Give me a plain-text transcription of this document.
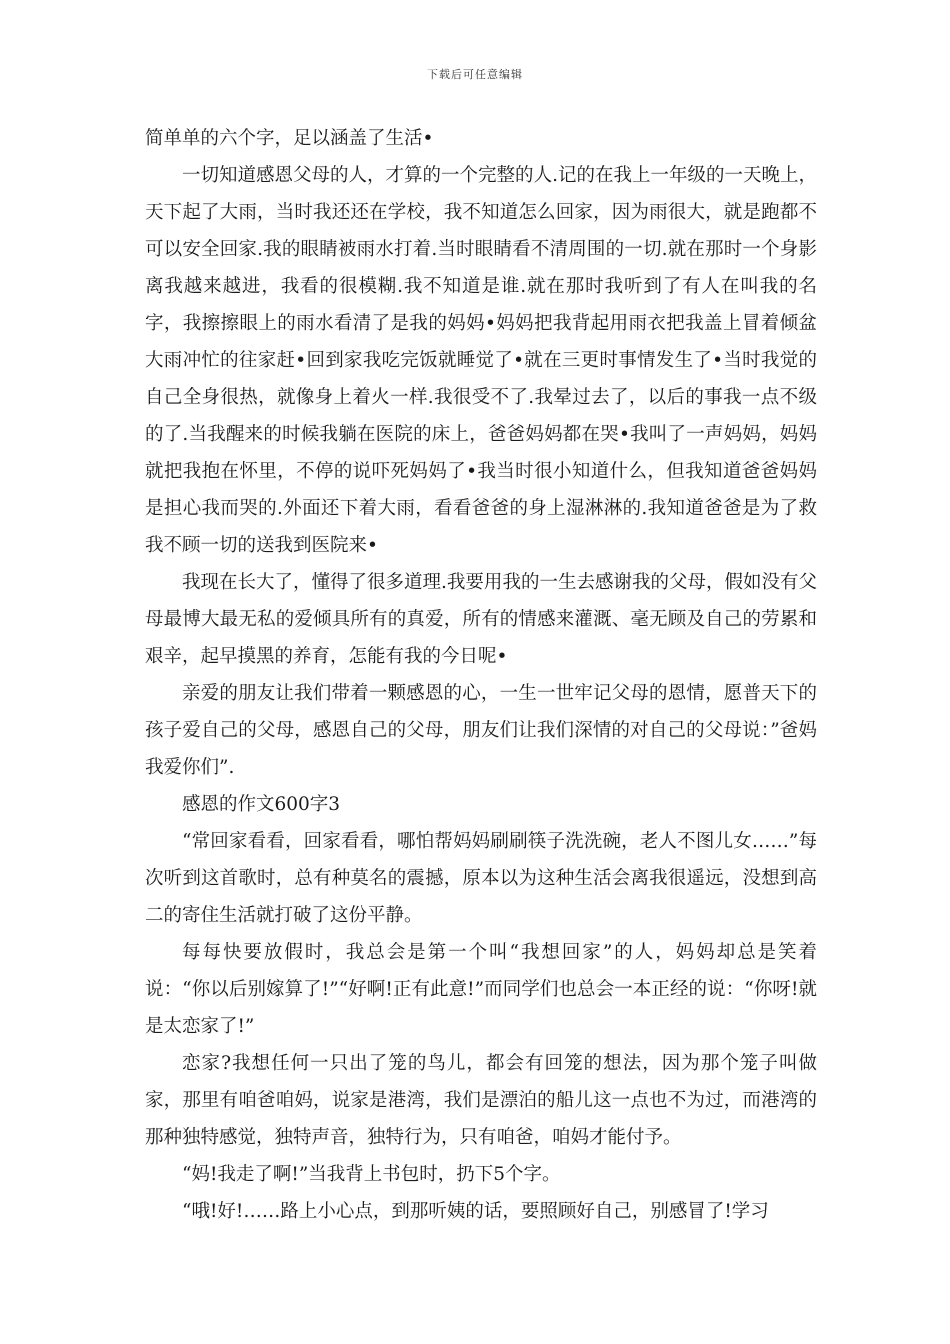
下载后可任意编辑

简单单的六个字，足以涵盖了生活•

一切知道感恩父母的人，才算的一个完整的人.记的在我上一年级的一天晚上，天下起了大雨，当时我还还在学校，我不知道怎么回家，因为雨很大，就是跑都不可以安全回家.我的眼睛被雨水打着.当时眼睛看不清周围的一切.就在那时一个身影离我越来越进，我看的很模糊.我不知道是谁.就在那时我听到了有人在叫我的名字，我擦擦眼上的雨水看清了是我的妈妈•妈妈把我背起用雨衣把我盖上冒着倾盆大雨冲忙的往家赶•回到家我吃完饭就睡觉了•就在三更时事情发生了•当时我觉的自己全身很热，就像身上着火一样.我很受不了.我晕过去了，以后的事我一点不级的了.当我醒来的时候我躺在医院的床上，爸爸妈妈都在哭•我叫了一声妈妈，妈妈就把我抱在怀里，不停的说吓死妈妈了•我当时很小知道什么，但我知道爸爸妈妈是担心我而哭的.外面还下着大雨，看看爸爸的身上湿淋淋的.我知道爸爸是为了救我不顾一切的送我到医院来•

我现在长大了，懂得了很多道理.我要用我的一生去感谢我的父母，假如没有父母最博大最无私的爱倾具所有的真爱，所有的情感来灌溉、毫无顾及自己的劳累和艰辛，起早摸黑的养育，怎能有我的今日呢•

亲爱的朋友让我们带着一颗感恩的心，一生一世牢记父母的恩情，愿普天下的孩子爱自己的父母，感恩自己的父母，朋友们让我们深情的对自己的父母说：”爸妈我爱你们”.

感恩的作文600字3

“常回家看看，回家看看，哪怕帮妈妈刷刷筷子洗洗碗，老人不图儿女……”每次听到这首歌时，总有种莫名的震撼，原本以为这种生活会离我很遥远，没想到高二的寄住生活就打破了这份平静。

每每快要放假时，我总会是第一个叫“我想回家”的人，妈妈却总是笑着说：“你以后别嫁算了!”“好啊!正有此意!”而同学们也总会一本正经的说：“你呀!就是太恋家了!”

恋家?我想任何一只出了笼的鸟儿，都会有回笼的想法，因为那个笼子叫做家，那里有咱爸咱妈，说家是港湾，我们是漂泊的船儿这一点也不为过，而港湾的那种独特感觉，独特声音，独特行为，只有咱爸，咱妈才能付予。

“妈!我走了啊!”当我背上书包时，扔下5个字。

“哦!好!……路上小心点，到那听姨的话，要照顾好自己，别感冒了!学习
